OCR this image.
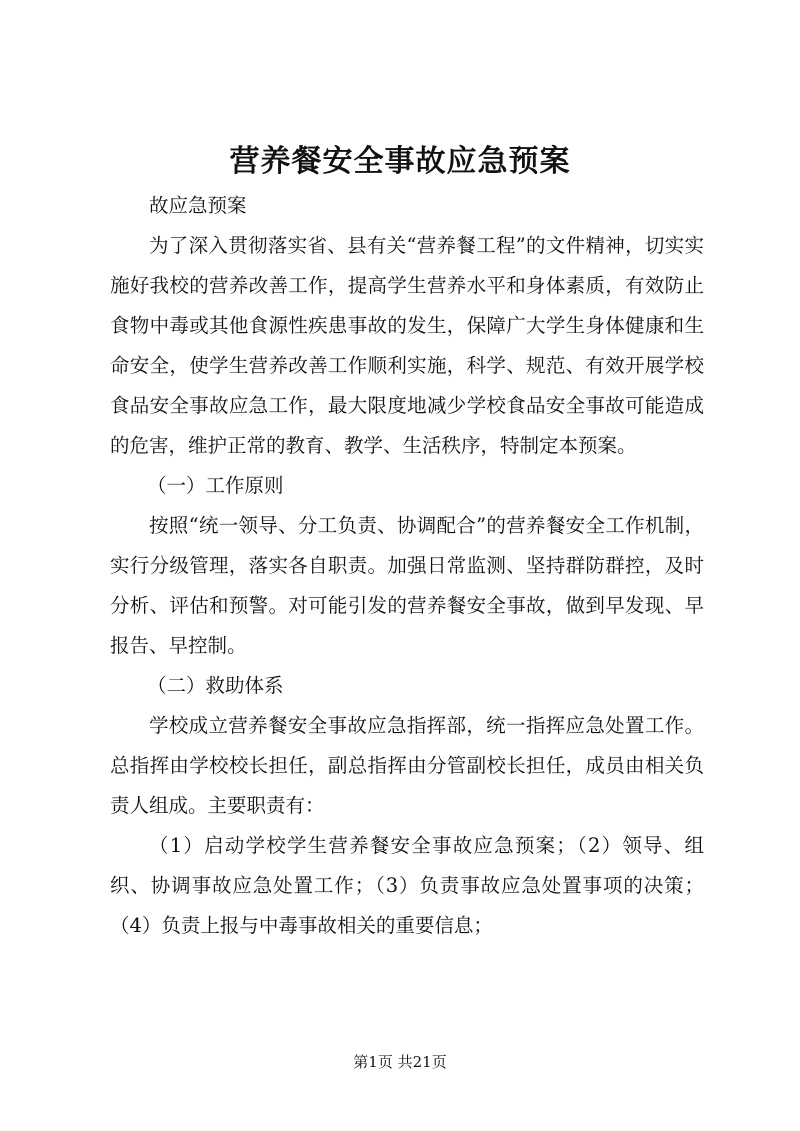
营养餐安全事故应急预案

故应急预案

为了深入贯彻落实省、县有关“营养餐工程”的文件精神，切实实施好我校的营养改善工作，提高学生营养水平和身体素质，有效防止食物中毒或其他食源性疾患事故的发生，保障广大学生身体健康和生命安全，使学生营养改善工作顺利实施，科学、规范、有效开展学校食品安全事故应急工作，最大限度地减少学校食品安全事故可能造成的危害，维护正常的教育、教学、生活秩序，特制定本预案。

（一）工作原则

按照“统一领导、分工负责、协调配合”的营养餐安全工作机制，实行分级管理，落实各自职责。加强日常监测、坚持群防群控，及时分析、评估和预警。对可能引发的营养餐安全事故，做到早发现、早报告、早控制。

（二）救助体系

学校成立营养餐安全事故应急指挥部，统一指挥应急处置工作。总指挥由学校校长担任，副总指挥由分管副校长担任，成员由相关负责人组成。主要职责有：

（1）启动学校学生营养餐安全事故应急预案；（2）领导、组织、协调事故应急处置工作；（3）负责事故应急处置事项的决策；（4）负责上报与中毒事故相关的重要信息；

第1页 共21页
